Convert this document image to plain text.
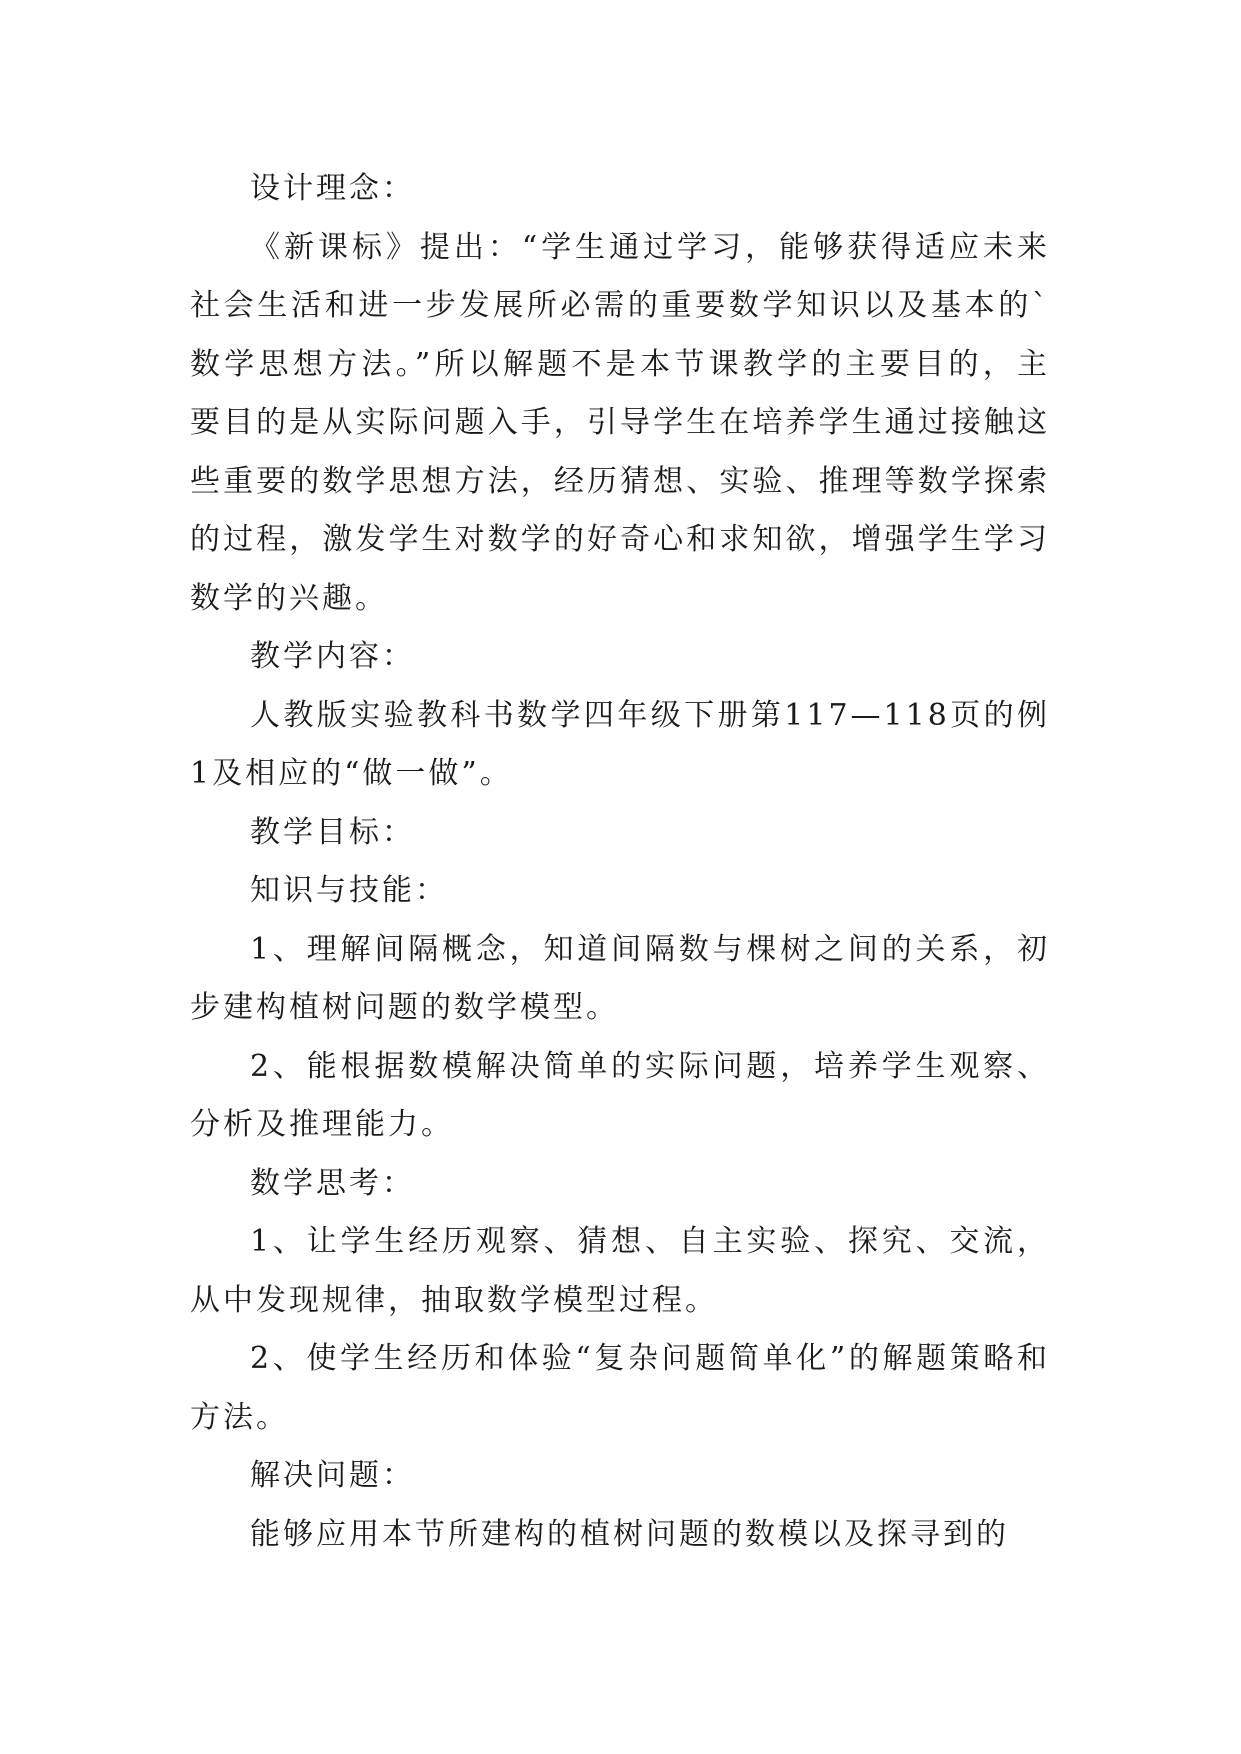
设计理念：

《新课标》提出：“学生通过学习，能够获得适应未来社会生活和进一步发展所必需的重要数学知识以及基本的`数学思想方法。”所以解题不是本节课教学的主要目的，主要目的是从实际问题入手，引导学生在培养学生通过接触这些重要的数学思想方法，经历猜想、实验、推理等数学探索的过程，激发学生对数学的好奇心和求知欲，增强学生学习数学的兴趣。

教学内容：

人教版实验教科书数学四年级下册第117—118页的例1及相应的“做一做”。

教学目标：

知识与技能：

1、理解间隔概念，知道间隔数与棵树之间的关系，初步建构植树问题的数学模型。

2、能根据数模解决简单的实际问题，培养学生观察、分析及推理能力。

数学思考：

1、让学生经历观察、猜想、自主实验、探究、交流，从中发现规律，抽取数学模型过程。

2、使学生经历和体验“复杂问题简单化”的解题策略和方法。

解决问题：

能够应用本节所建构的植树问题的数模以及探寻到的
